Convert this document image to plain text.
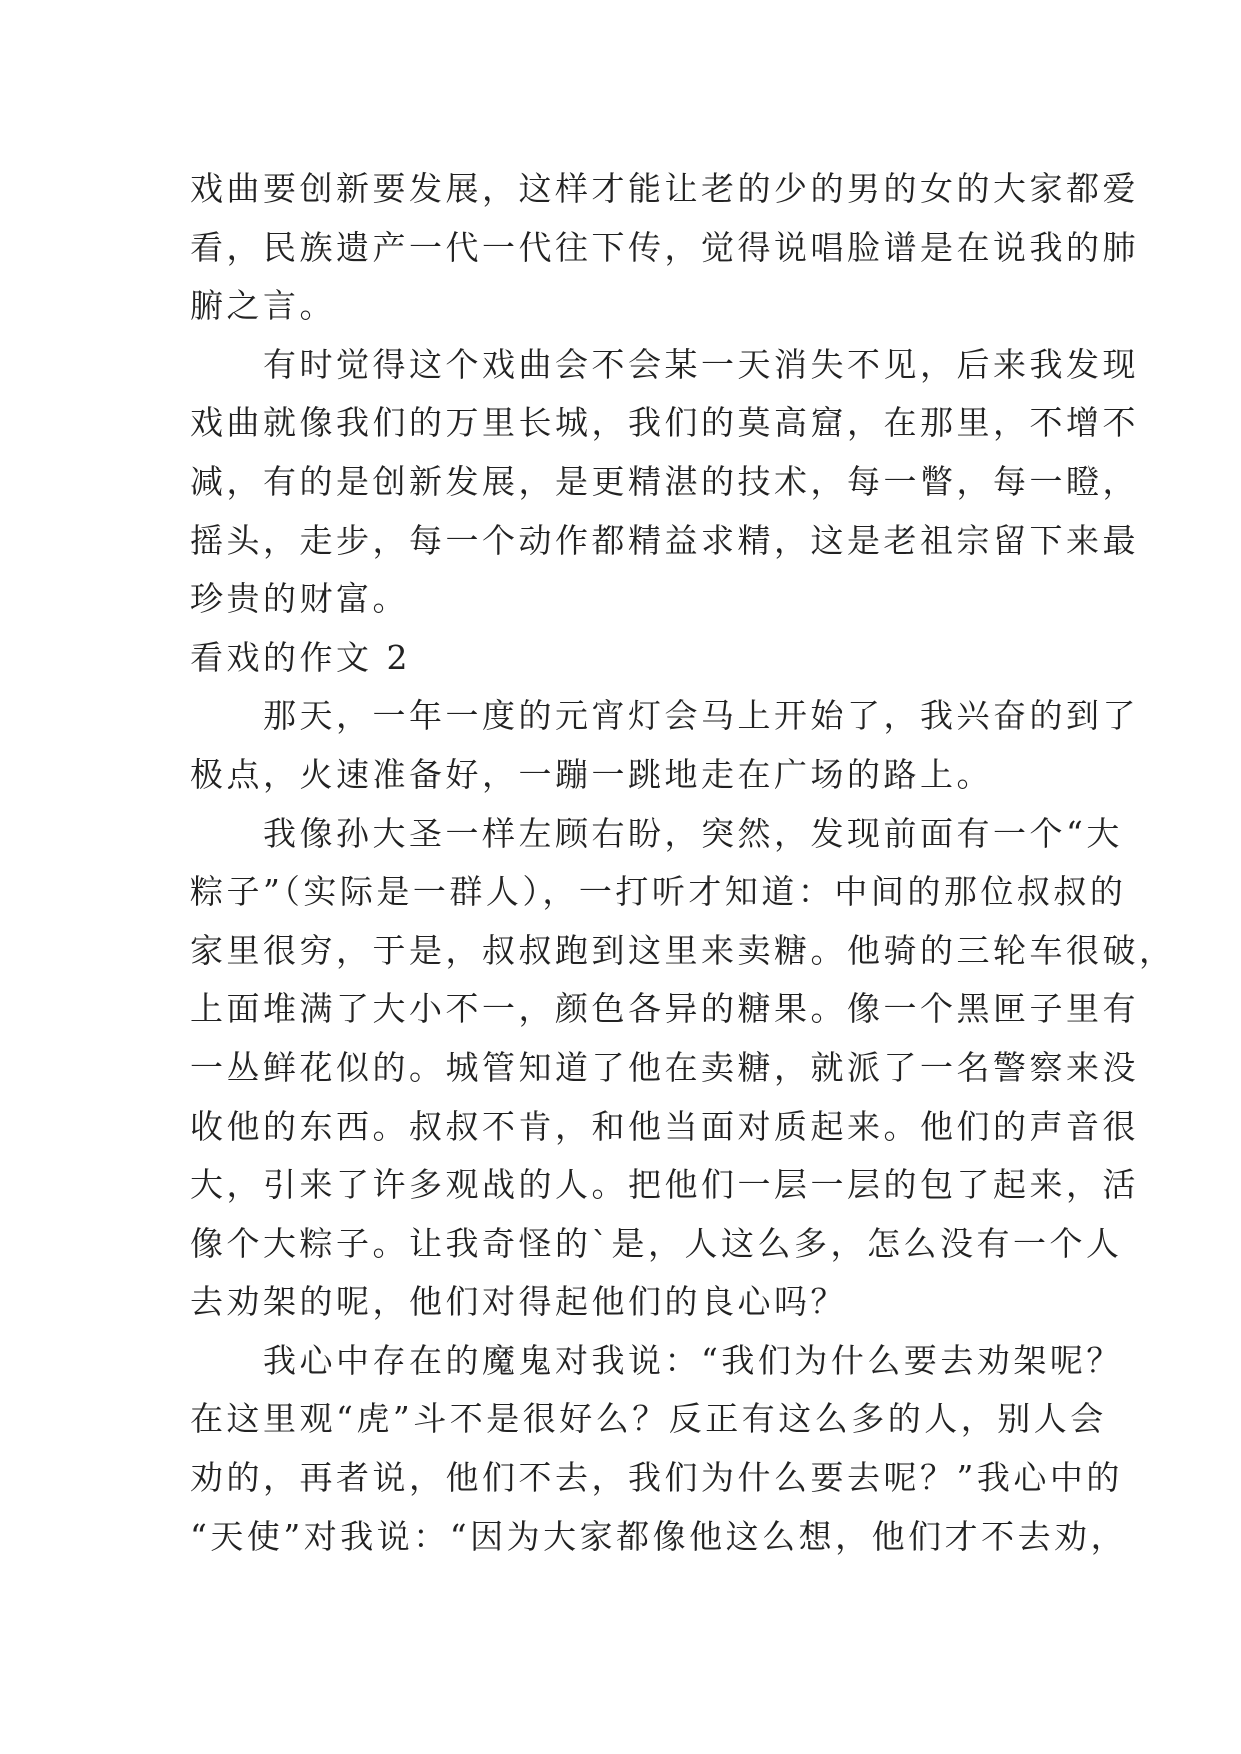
戏曲要创新要发展，这样才能让老的少的男的女的大家都爱
看，民族遗产一代一代往下传，觉得说唱脸谱是在说我的肺
腑之言。
　　有时觉得这个戏曲会不会某一天消失不见，后来我发现
戏曲就像我们的万里长城，我们的莫高窟，在那里，不增不
减，有的是创新发展，是更精湛的技术，每一瞥，每一瞪，
摇头，走步，每一个动作都精益求精，这是老祖宗留下来最
珍贵的财富。
看戏的作文 2
　　那天，一年一度的元宵灯会马上开始了，我兴奋的到了
极点，火速准备好，一蹦一跳地走在广场的路上。
　　我像孙大圣一样左顾右盼，突然，发现前面有一个“大
粽子”（实际是一群人），一打听才知道：中间的那位叔叔的
家里很穷，于是，叔叔跑到这里来卖糖。他骑的三轮车很破，
上面堆满了大小不一，颜色各异的糖果。像一个黑匣子里有
一丛鲜花似的。城管知道了他在卖糖，就派了一名警察来没
收他的东西。叔叔不肯，和他当面对质起来。他们的声音很
大，引来了许多观战的人。把他们一层一层的包了起来，活
像个大粽子。让我奇怪的`是，人这么多，怎么没有一个人
去劝架的呢，他们对得起他们的良心吗？
　　我心中存在的魔鬼对我说：“我们为什么要去劝架呢？
在这里观“虎”斗不是很好么？反正有这么多的人，别人会
劝的，再者说，他们不去，我们为什么要去呢？”我心中的
“天使”对我说：“因为大家都像他这么想，他们才不去劝，
